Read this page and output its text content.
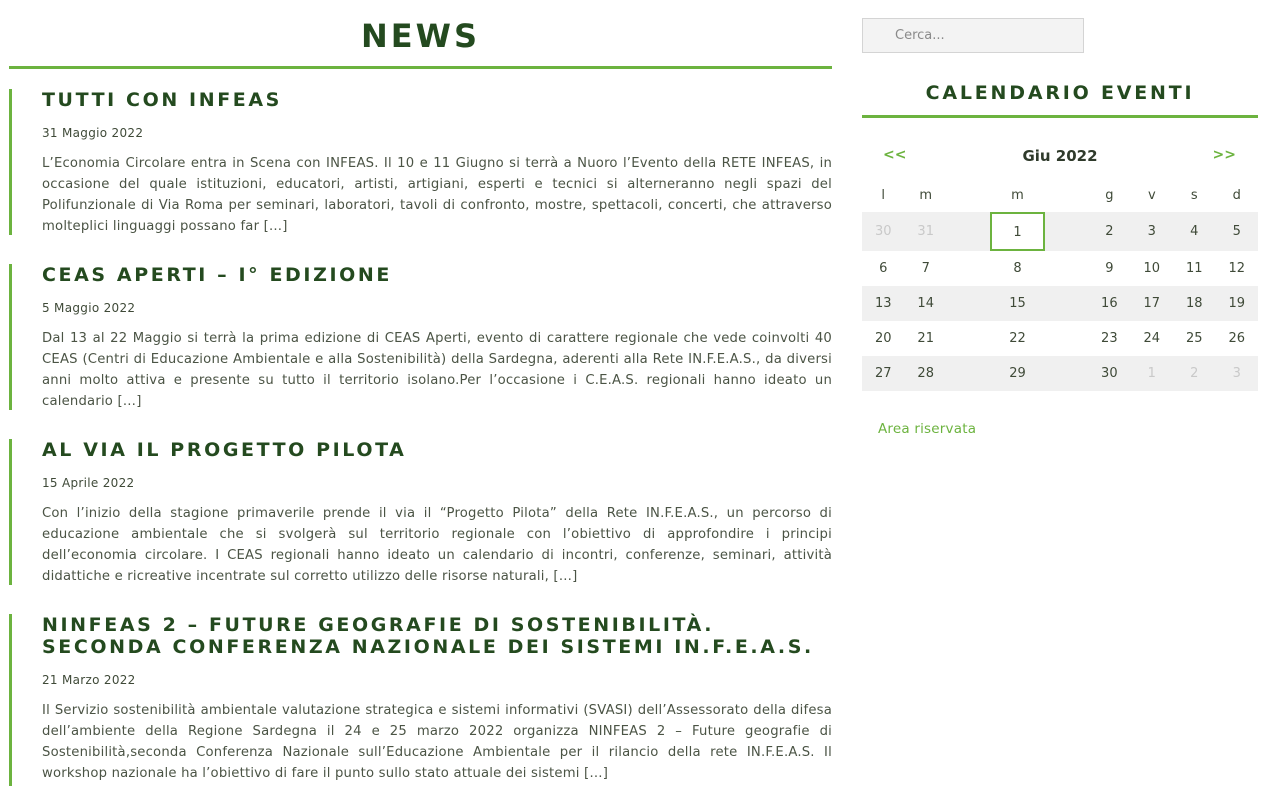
NEWS
TUTTI CON INFEAS
31 Maggio 2022

L’Economia Circolare entra in Scena con INFEAS. Il 10 e 11 Giugno si terrà a Nuoro l’Evento della RETE INFEAS, in occasione del quale istituzioni, educatori, artisti, artigiani, esperti e tecnici si alterneranno negli spazi del Polifunzionale di Via Roma per seminari, laboratori, tavoli di confronto, mostre, spettacoli, concerti, che attraverso molteplici linguaggi possano far […]

CEAS APERTI – I° EDIZIONE
5 Maggio 2022

Dal 13 al 22 Maggio si terrà la prima edizione di CEAS Aperti, evento di carattere regionale che vede coinvolti 40 CEAS (Centri di Educazione Ambientale e alla Sostenibilità) della Sardegna, aderenti alla Rete IN.F.E.A.S., da diversi anni molto attiva e presente su tutto il territorio isolano.Per l’occasione i C.E.A.S. regionali hanno ideato un calendario […]

AL VIA IL PROGETTO PILOTA
15 Aprile 2022

Con l’inizio della stagione primaverile prende il via il “Progetto Pilota” della Rete IN.F.E.A.S., un percorso di educazione ambientale che si svolgerà sul territorio regionale con l’obiettivo di approfondire i principi dell’economia circolare. I CEAS regionali hanno ideato un calendario di incontri, conferenze, seminari, attività didattiche e ricreative incentrate sul corretto utilizzo delle risorse naturali, […]

NINFEAS 2 – FUTURE GEOGRAFIE DI SOSTENIBILITÀ. SECONDA CONFERENZA NAZIONALE DEI SISTEMI IN.F.E.A.S.
21 Marzo 2022

Il Servizio sostenibilità ambientale valutazione strategica e sistemi informativi (SVASI) dell’Assessorato della difesa dell’ambiente della Regione Sardegna il 24 e 25 marzo 2022 organizza NINFEAS 2 – Future geografie di Sostenibilità,seconda Conferenza Nazionale sull’Educazione Ambientale per il rilancio della rete IN.F.E.A.S. Il workshop nazionale ha l’obiettivo di fare il punto sullo stato attuale dei sistemi […]

Cerca...
CALENDARIO EVENTI
<<	Giu 2022	>>
l	m	m	g	v	s	d
30	31	1	2	3	4	5
6	7	8	9	10	11	12
13	14	15	16	17	18	19
20	21	22	23	24	25	26
27	28	29	30	1	2	3
Area riservata
